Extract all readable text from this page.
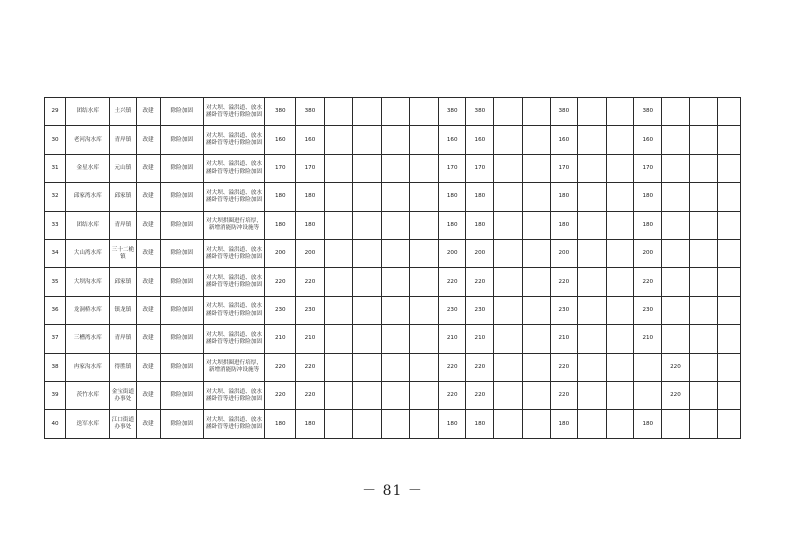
29	团结水库	土兴镇	改建	除险加固	对大坝、溢洪道、放水涵卧管等进行除险加固	380	380					380	380			380			380			
30	老河沟水库	青岸镇	改建	除险加固	对大坝、溢洪道、放水涵卧管等进行除险加固	160	160					160	160			160			160			
31	金星水库	元山镇	改建	除险加固	对大坝、溢洪道、放水涵卧管等进行除险加固	170	170					170	170			170			170			
32	邱家湾水库	邱家镇	改建	除险加固	对大坝、溢洪道、放水涵卧管等进行除险加固	180	180					180	180			180			180			
33	团结水库	青岸镇	改建	除险加固	对大坝拱圈进行培厚，新增消能防冲设施等	180	180					180	180			180			180			
34	大山湾水库	三十二桅镇	改建	除险加固	对大坝、溢洪道、放水涵卧管等进行除险加固	200	200					200	200			200			200			
35	大坝沟水库	邱家镇	改建	除险加固	对大坝、溢洪道、放水涵卧管等进行除险加固	220	220					220	220			220			220			
36	龙洞桥水库	镇龙镇	改建	除险加固	对大坝、溢洪道、放水涵卧管等进行除险加固	230	230					230	230			230			230			
37	三槽湾水库	青岸镇	改建	除险加固	对大坝、溢洪道、放水涵卧管等进行除险加固	210	210					210	210			210			210			
38	冉家沟水库	得胜镇	改建	除险加固	对大坝拱圈进行培厚，新增消能防冲设施等	220	220					220	220			220				220		
39	茨竹水库	金宝街道办事处	改建	除险加固	对大坝、溢洪道、放水涵卧管等进行除险加固	220	220					220	220			220				220		
40	迭军水库	江口街道办事处	改建	除险加固	对大坝、溢洪道、放水涵卧管等进行除险加固	180	180					180	180			180			180			
－ 81 －
